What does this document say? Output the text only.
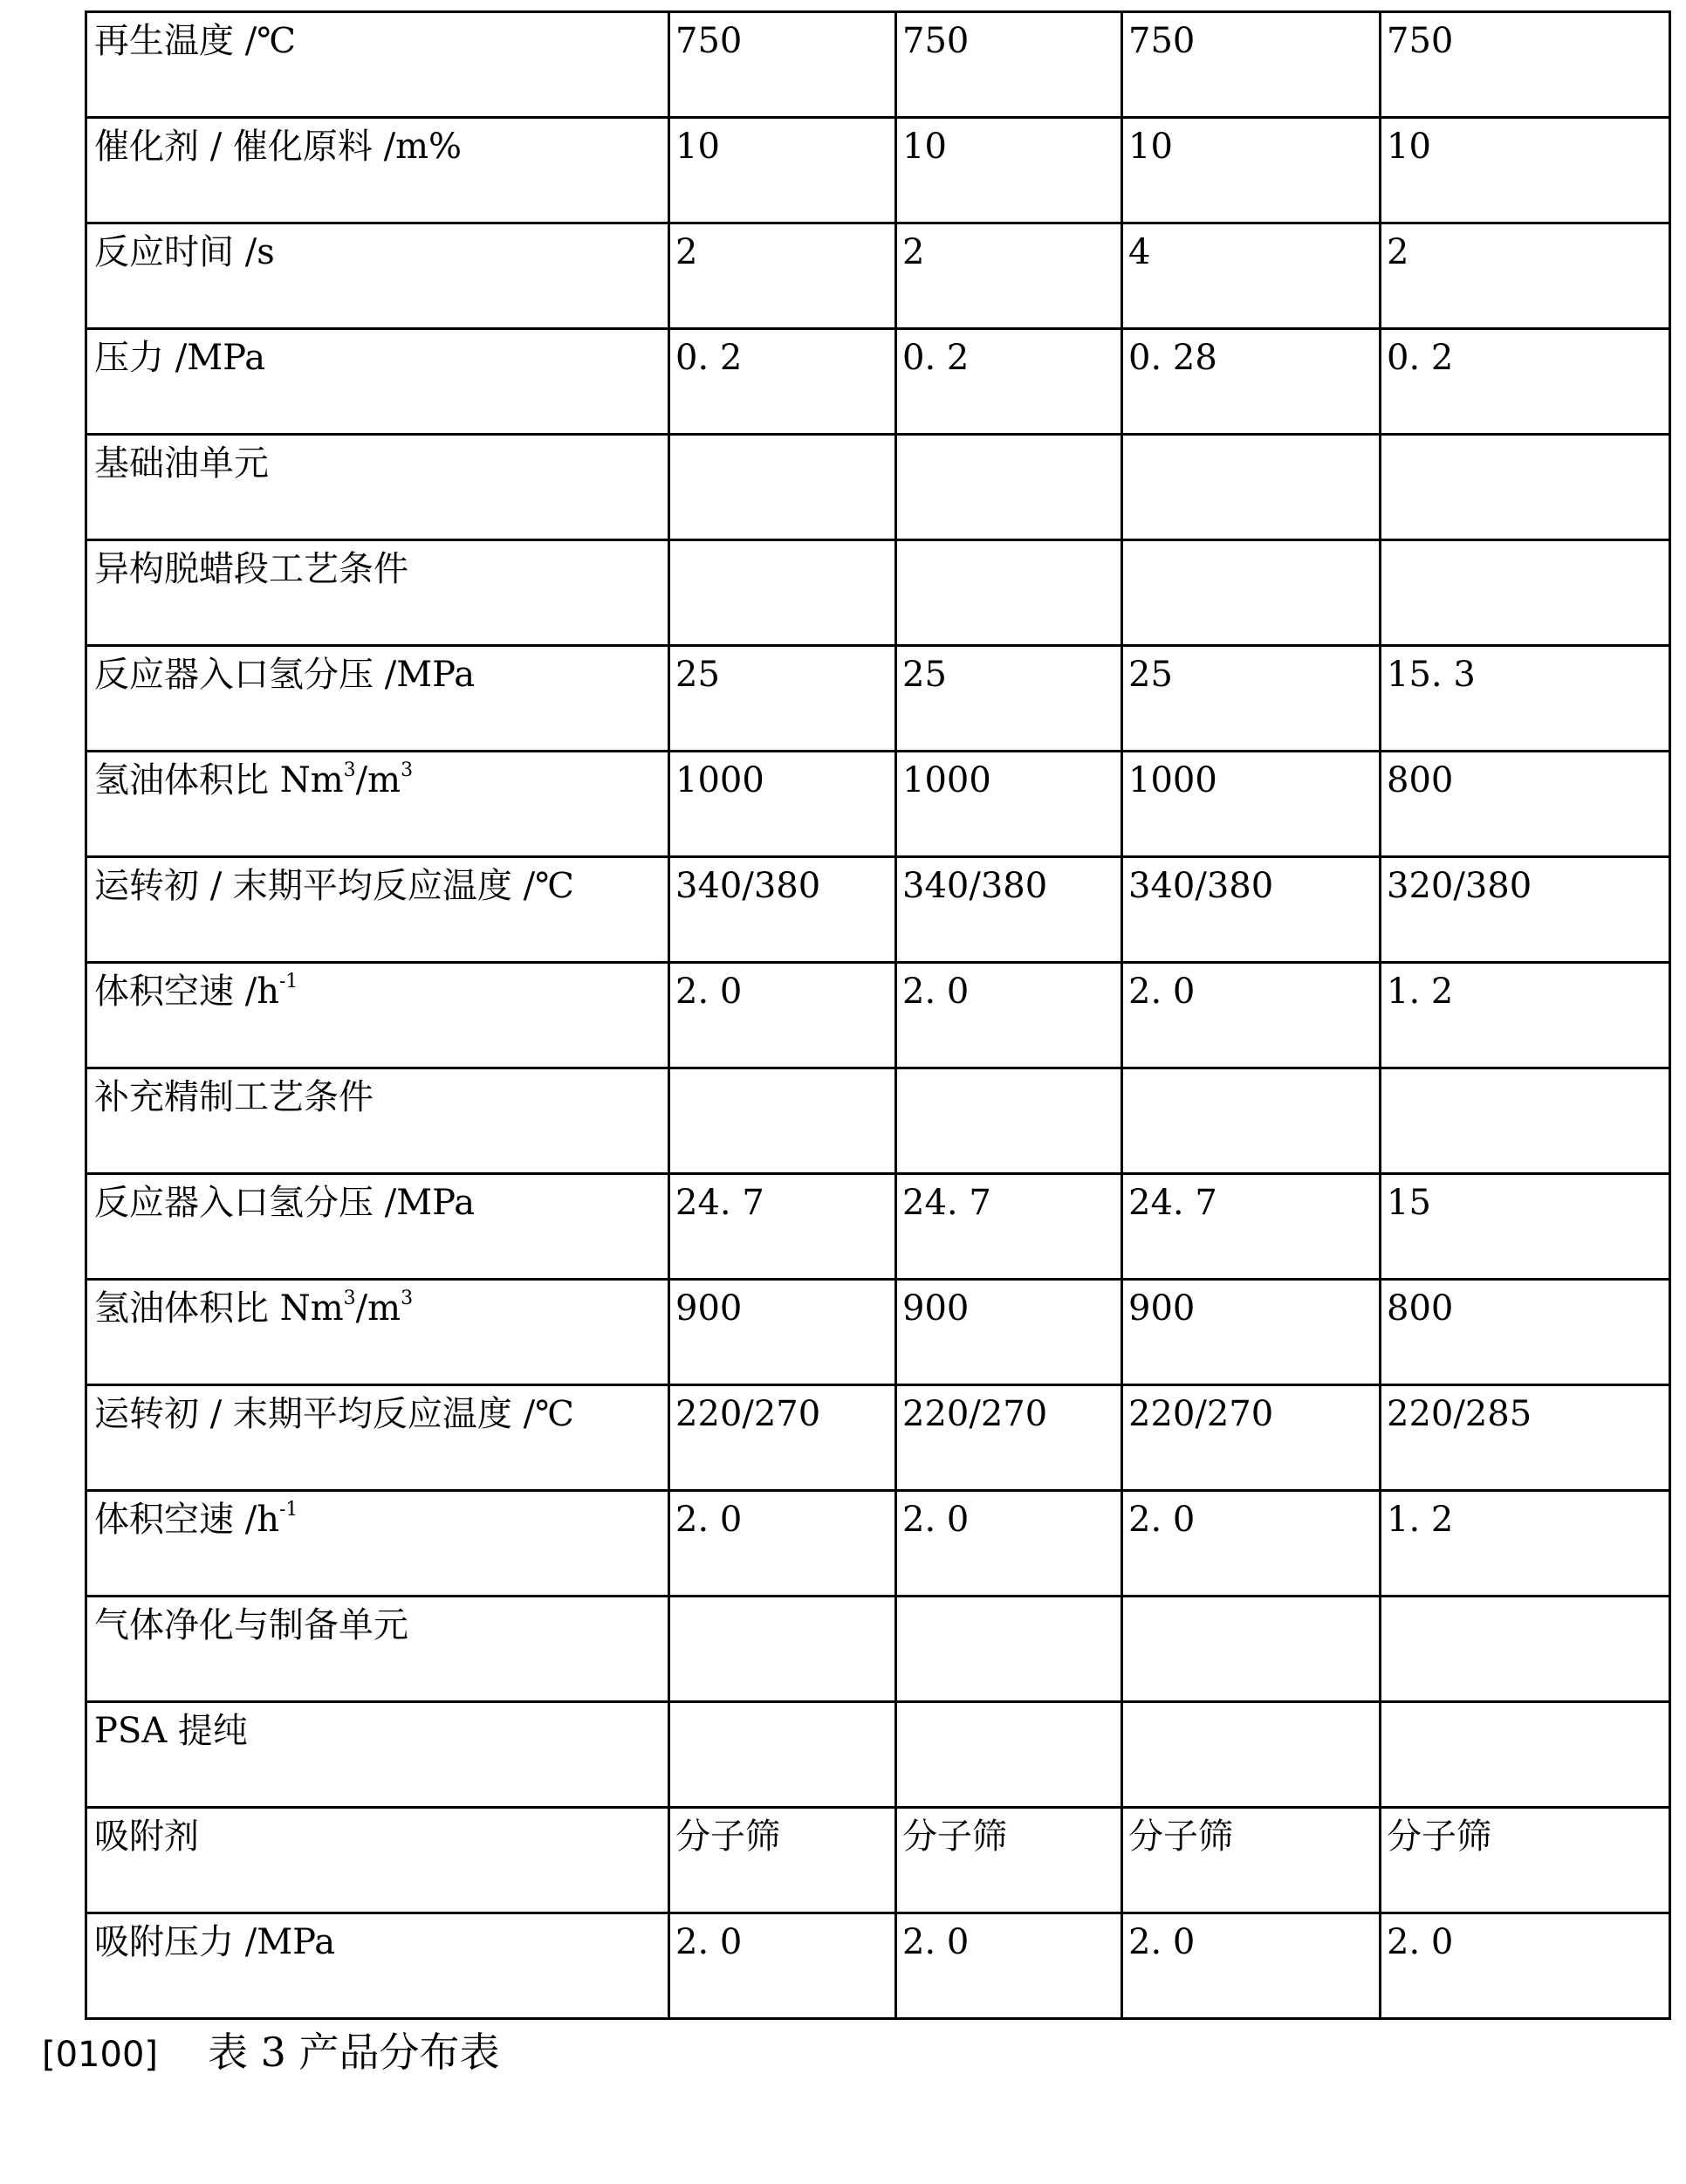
再生温度 /℃	750	750	750	750
催化剂 / 催化原料 /m%	10	10	10	10
反应时间 /s	2	2	4	2
压力 /MPa	0. 2	0. 2	0. 28	0. 2
基础油单元				
异构脱蜡段工艺条件				
反应器入口氢分压 /MPa	25	25	25	15. 3
氢油体积比 $Nm^3/m^3$	1000	1000	1000	800
运转初 / 末期平均反应温度 /℃	340/380	340/380	340/380	320/380
体积空速 $/h^{-1}$	2. 0	2. 0	2. 0	1. 2
补充精制工艺条件				
反应器入口氢分压 /MPa	24. 7	24. 7	24. 7	15
氢油体积比 $Nm^3/m^3$	900	900	900	800
运转初 / 末期平均反应温度 /℃	220/270	220/270	220/270	220/285
体积空速 $/h^{-1}$	2. 0	2. 0	2. 0	1. 2
气体净化与制备单元				
PSA 提纯				
吸附剂	分子筛	分子筛	分子筛	分子筛
吸附压力 /MPa	2. 0	2. 0	2. 0	2. 0
[0100] 表 3 产品分布表
